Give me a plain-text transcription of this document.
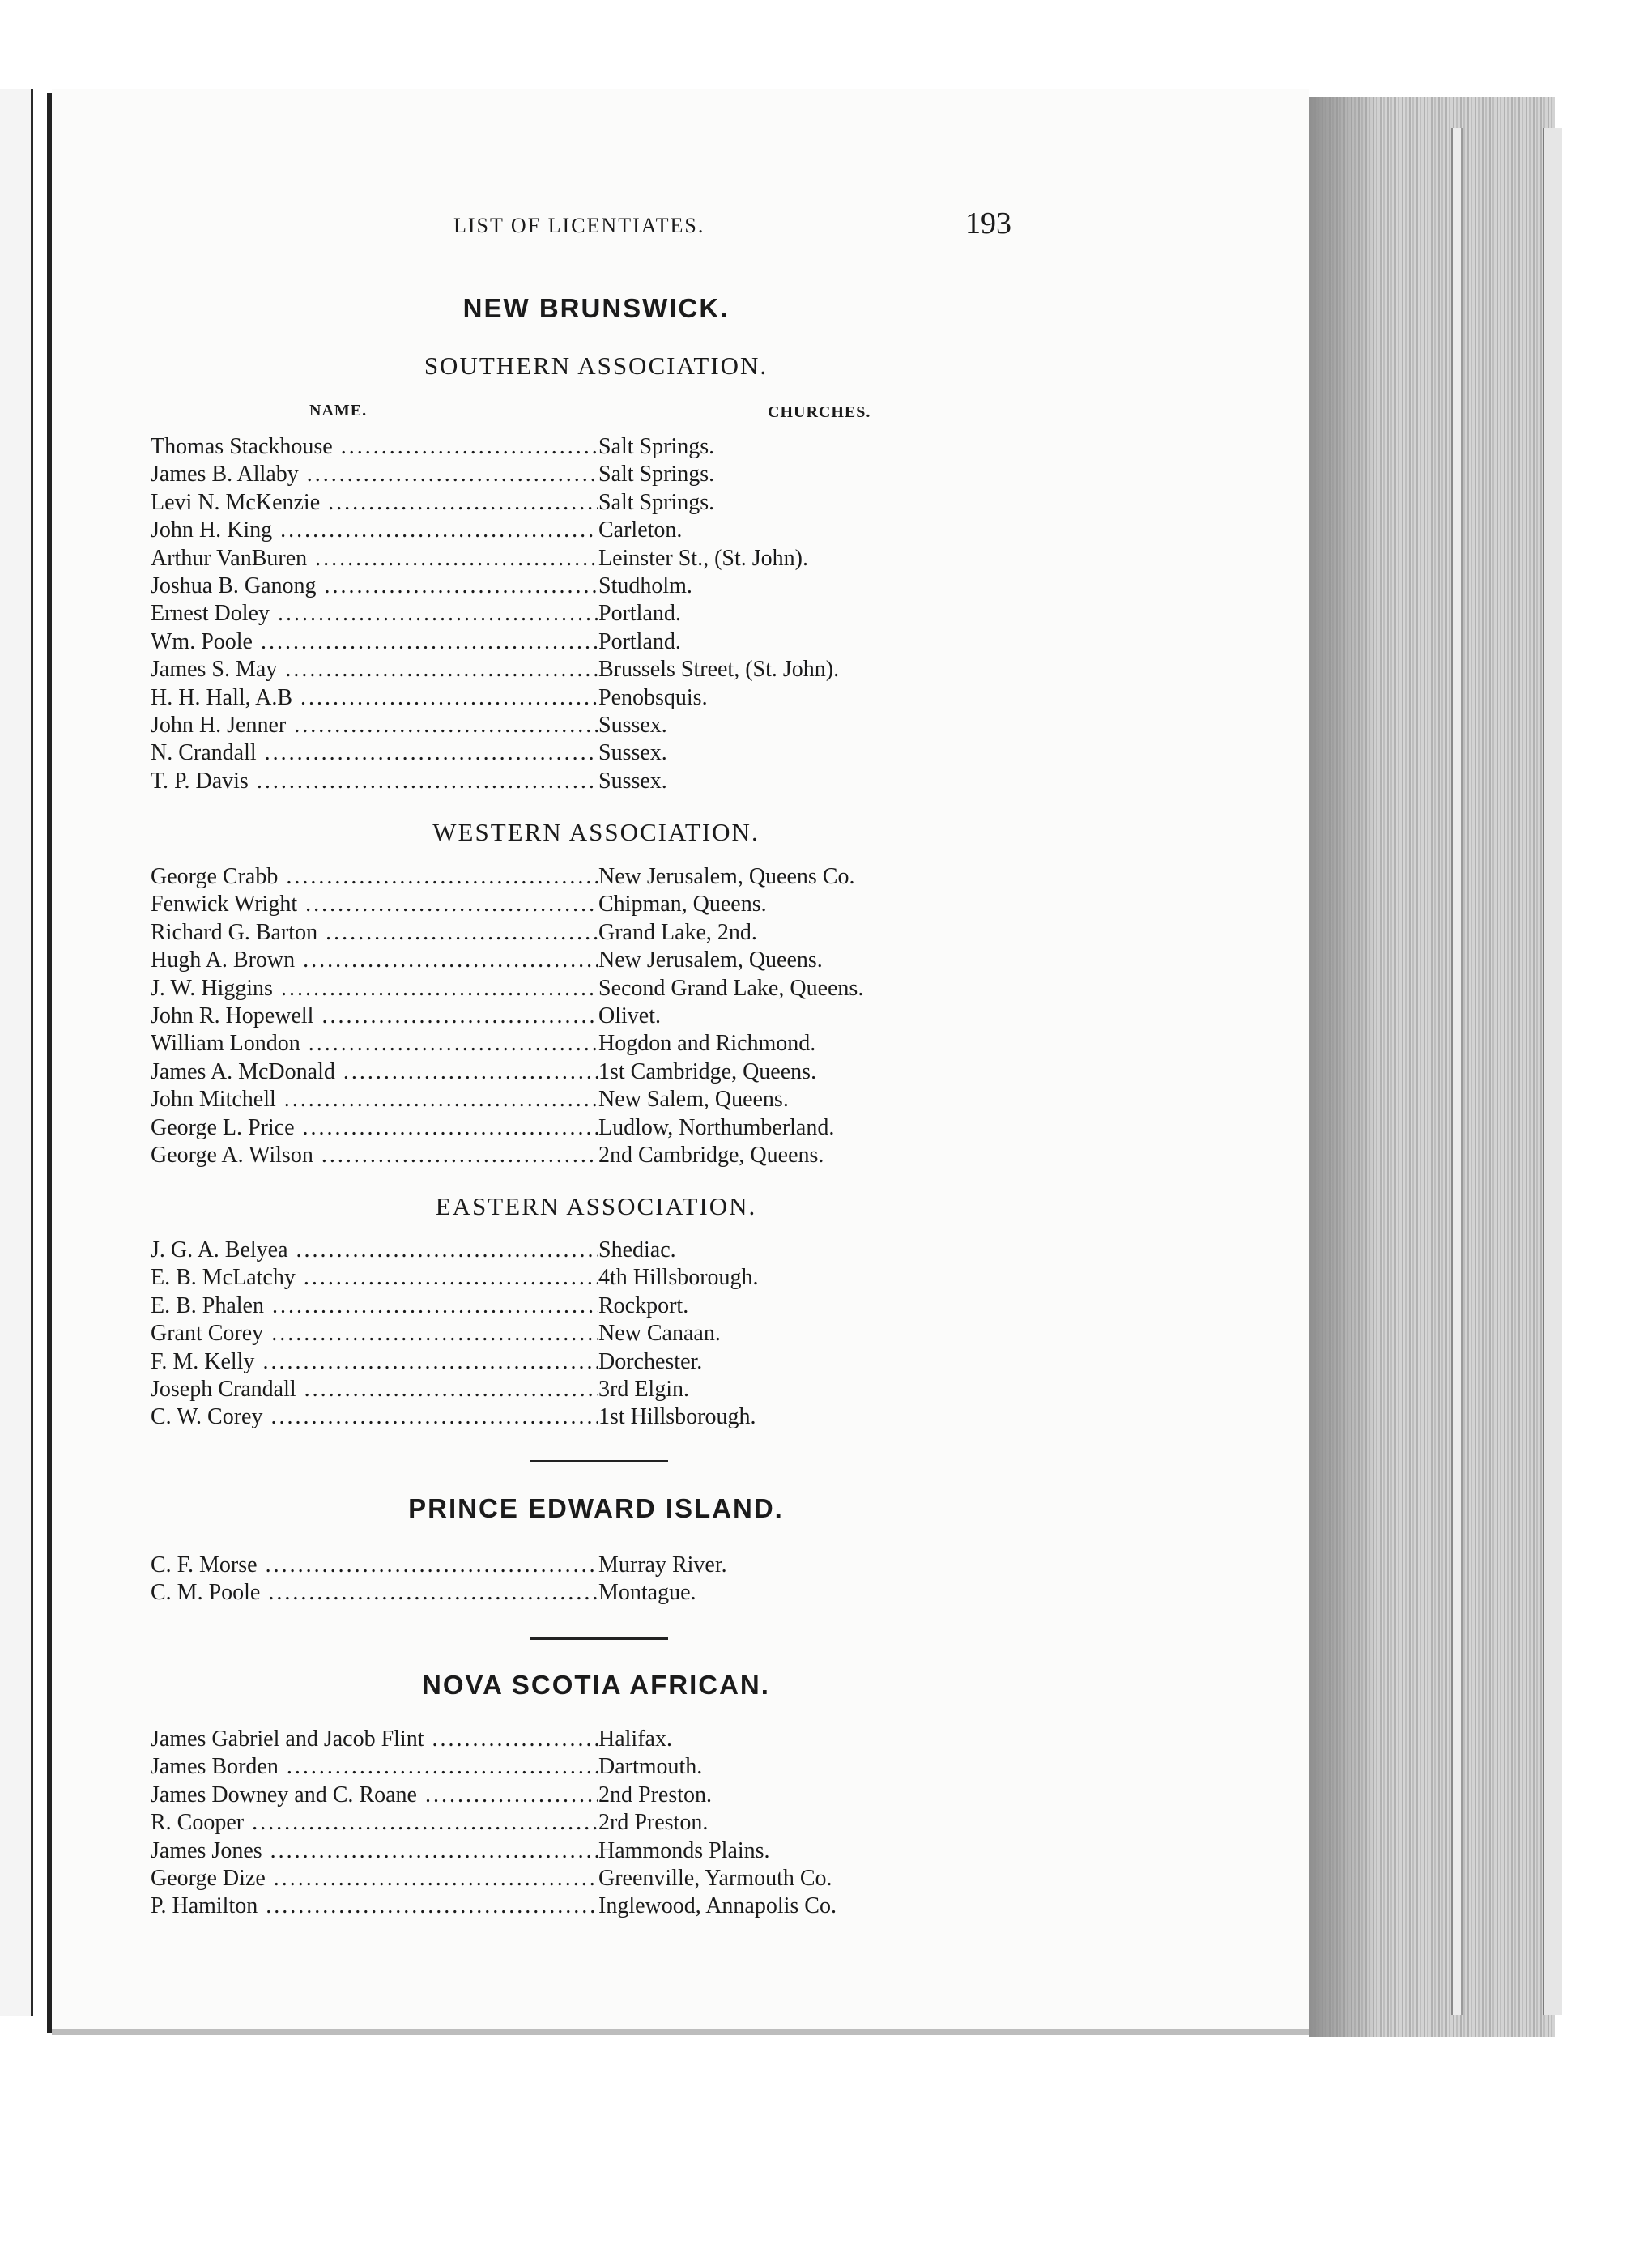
LIST OF LICENTIATES.	193
NEW BRUNSWICK.
SOUTHERN ASSOCIATION.
NAME.	CHURCHES.
Thomas Stackhouse .....	Salt Springs.
James B. Allaby .....	Salt Springs.
Levi N. McKenzie .....	Salt Springs.
John H. King .....	Carleton.
Arthur VanBuren .....	Leinster St., (St. John).
Joshua B. Ganong .....	Studholm.
Ernest Doley .....	Portland.
Wm. Poole .....	Portland.
James S. May .....	Brussels Street, (St. John).
H. H. Hall, A.B .....	Penobsquis.
John H. Jenner .....	Sussex.
N. Crandall .....	Sussex.
T. P. Davis .....	Sussex.
WESTERN ASSOCIATION.
George Crabb .....	New Jerusalem, Queens Co.
Fenwick Wright .....	Chipman, Queens.
Richard G. Barton .....	Grand Lake, 2nd.
Hugh A. Brown .....	New Jerusalem, Queens.
J. W. Higgins .....	Second Grand Lake, Queens.
John R. Hopewell .....	Olivet.
William London .....	Hogdon and Richmond.
James A. McDonald .....	1st Cambridge, Queens.
John Mitchell .....	New Salem, Queens.
George L. Price .....	Ludlow, Northumberland.
George A. Wilson .....	2nd Cambridge, Queens.
EASTERN ASSOCIATION.
J. G. A. Belyea .....	Shediac.
E. B. McLatchy .....	4th Hillsborough.
E. B. Phalen .....	Rockport.
Grant Corey .....	New Canaan.
F. M. Kelly .....	Dorchester.
Joseph Crandall .....	3rd Elgin.
C. W. Corey .....	1st Hillsborough.
PRINCE EDWARD ISLAND.
C. F. Morse .....	Murray River.
C. M. Poole .....	Montague.
NOVA SCOTIA AFRICAN.
James Gabriel and Jacob Flint .....	Halifax.
James Borden .....	Dartmouth.
James Downey and C. Roane .....	2nd Preston.
R. Cooper .....	2rd Preston.
James Jones .....	Hammonds Plains.
George Dize .....	Greenville, Yarmouth Co.
P. Hamilton .....	Inglewood, Annapolis Co.
